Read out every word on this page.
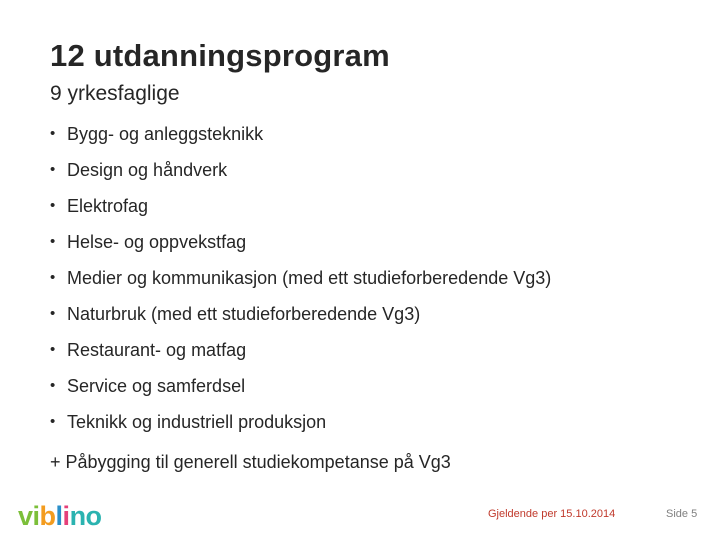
12 utdanningsprogram
9 yrkesfaglige
• Bygg- og anleggsteknikk
• Design og håndverk
• Elektrofag
• Helse- og oppvekstfag
• Medier og kommunikasjon (med ett studieforberedende Vg3)
• Naturbruk (med ett studieforberedende Vg3)
• Restaurant- og matfag
• Service og samferdsel
• Teknikk og industriell produksjon
+ Påbygging til generell studiekompetanse på Vg3
viblino	Gjeldende per 15.10.2014	Side 5
